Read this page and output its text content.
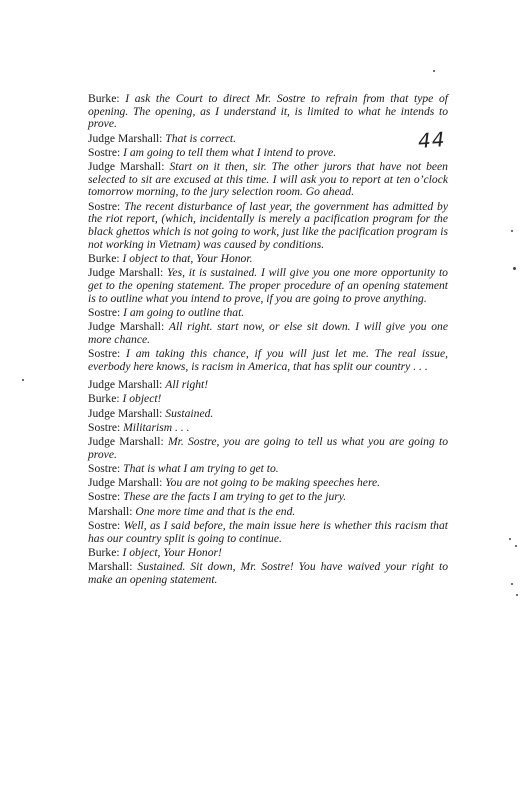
44

Burke: I ask the Court to direct Mr. Sostre to refrain from that type of opening. The opening, as I understand it, is limited to what he intends to prove.

Judge Marshall: That is correct.

Sostre: I am going to tell them what I intend to prove.

Judge Marshall: Start on it then, sir. The other jurors that have not been selected to sit are excused at this time. I will ask you to report at ten o’clock tomorrow morning, to the jury selection room. Go ahead.

Sostre: The recent disturbance of last year, the government has admitted by the riot report, (which, incidentally is merely a pacification program for the black ghettos which is not going to work, just like the pacification program is not working in Vietnam) was caused by conditions.

Burke: I object to that, Your Honor.

Judge Marshall: Yes, it is sustained. I will give you one more opportunity to get to the opening statement. The proper procedure of an opening statement is to outline what you intend to prove, if you are going to prove anything.

Sostre: I am going to outline that.

Judge Marshall: All right. start now, or else sit down. I will give you one more chance.

Sostre: I am taking this chance, if you will just let me. The real issue, everbody here knows, is racism in America, that has split our country . . .

Judge Marshall: All right!

Burke: I object!

Judge Marshall: Sustained.

Sostre: Militarism . . .

Judge Marshall: Mr. Sostre, you are going to tell us what you are going to prove.

Sostre: That is what I am trying to get to.

Judge Marshall: You are not going to be making speeches here.

Sostre: These are the facts I am trying to get to the jury.

Marshall: One more time and that is the end.

Sostre: Well, as I said before, the main issue here is whether this racism that has our country split is going to continue.

Burke: I object, Your Honor!

Marshall: Sustained. Sit down, Mr. Sostre! You have waived your right to make an opening statement.
